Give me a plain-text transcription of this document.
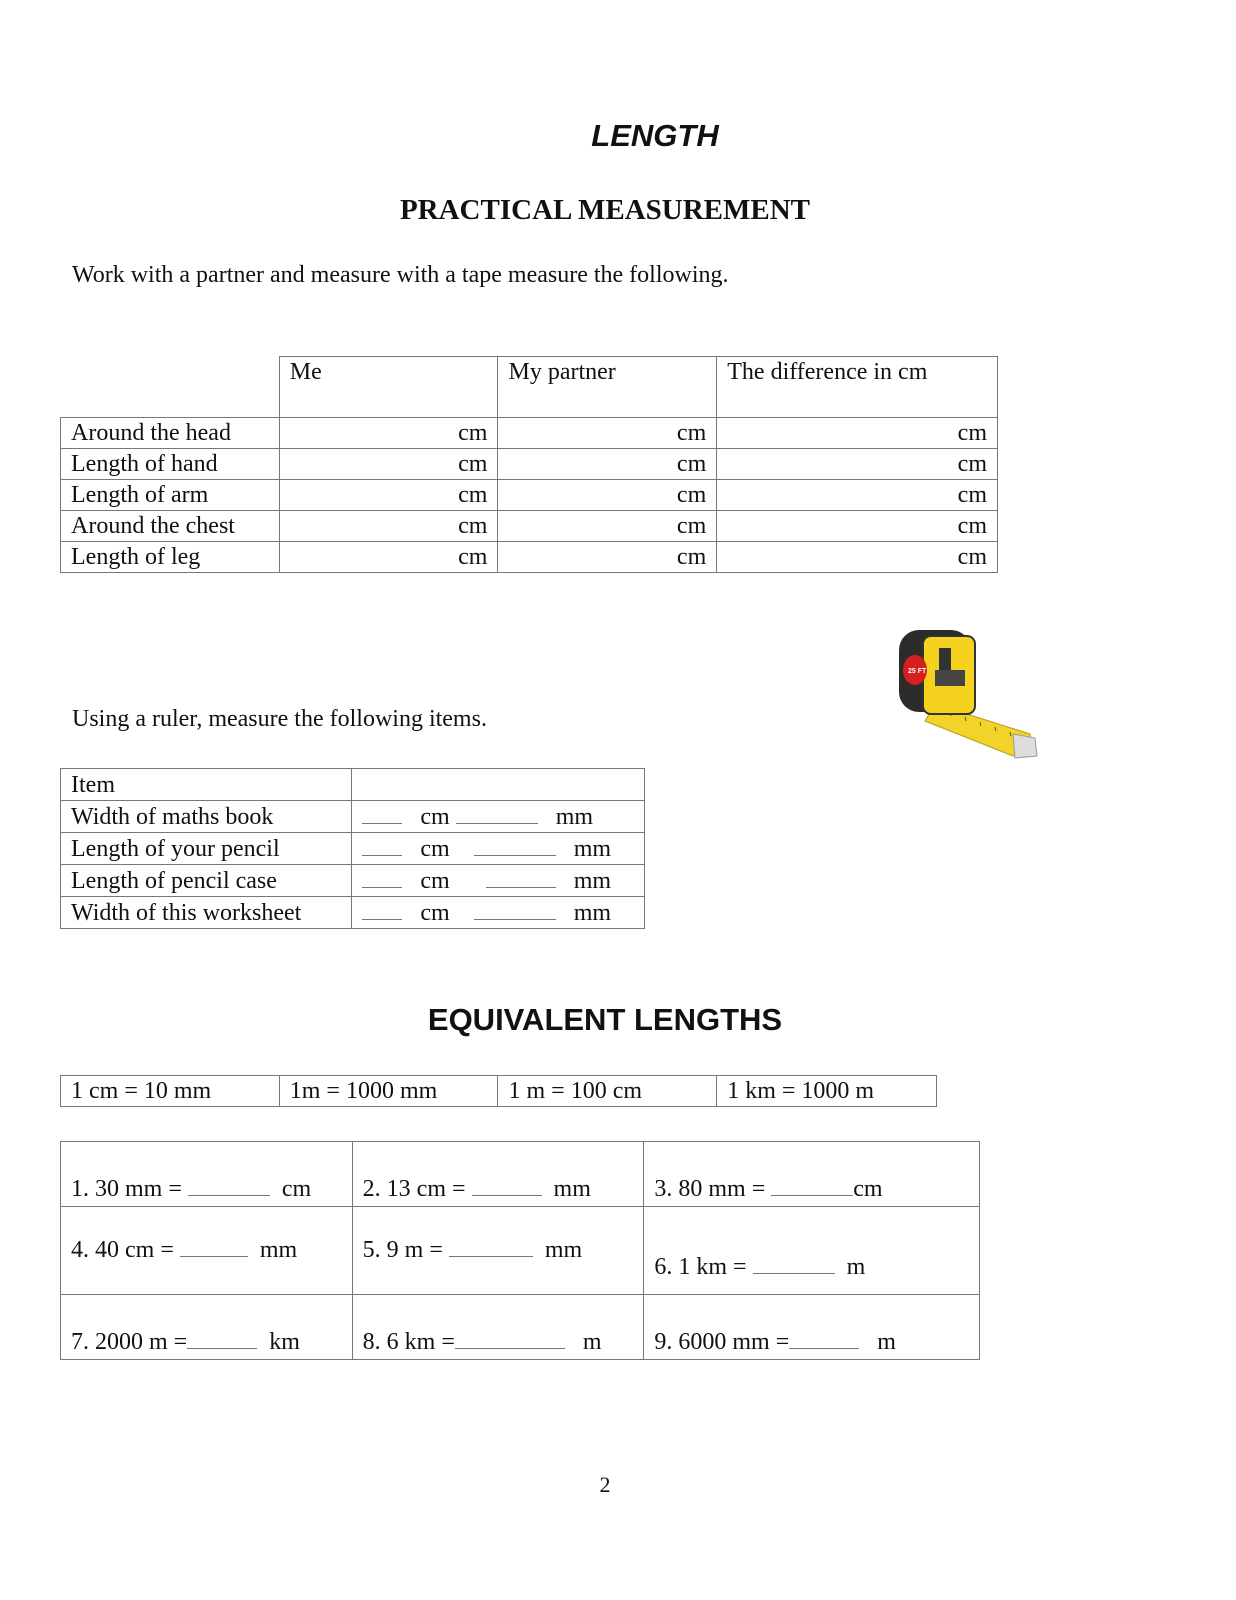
LENGTH
PRACTICAL MEASUREMENT
Work with a partner and measure with a tape measure the following.
	Me	My partner	The difference in cm
Around the head	cm	cm	cm
Length of hand	cm	cm	cm
Length of arm	cm	cm	cm
Around the chest	cm	cm	cm
Length of leg	cm	cm	cm
25 FT
Using a ruler, measure the following items.
Item	
Width of maths book	cm mm
Length of your pencil	cm mm
Length of pencil case	cm mm
Width of this worksheet	cm mm
EQUIVALENT LENGTHS
1 cm = 10 mm	1m = 1000 mm	1 m = 100 cm	1 km = 1000 m
1. 30 mm = cm	2. 13 cm = mm	3. 80 mm = cm
4. 40 cm = mm	5. 9 m = mm	6. 1 km = m
7. 2000 m = km	8. 6 km = m	9. 6000 mm = m
2
